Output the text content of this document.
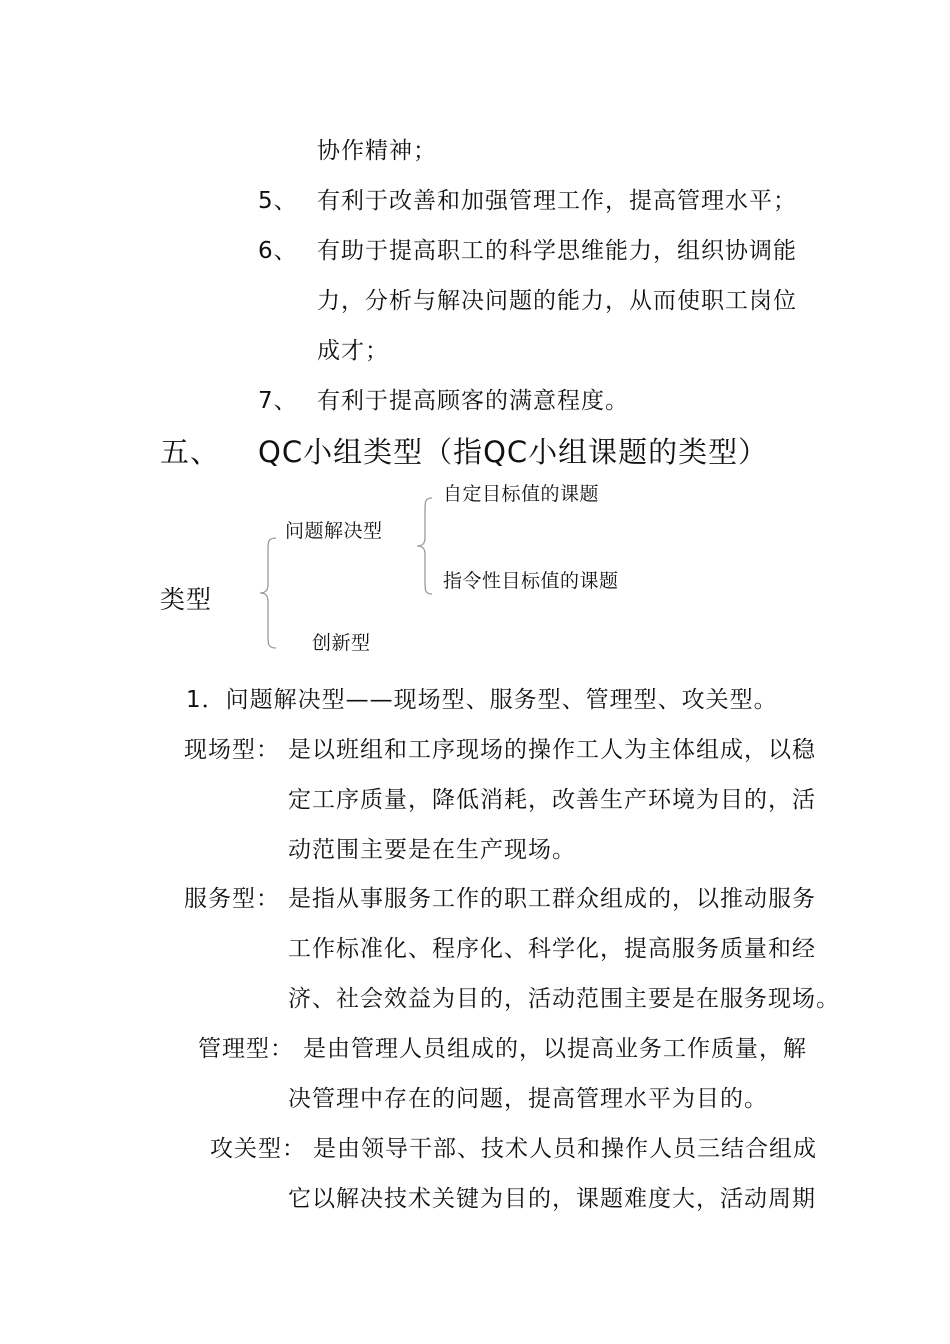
协作精神；
5、 有利于改善和加强管理工作，提高管理水平；
6、 有助于提高职工的科学思维能力，组织协调能
力，分析与解决问题的能力，从而使职工岗位
成才；
7、 有利于提高顾客的满意程度。
五、 QC小组类型（指QC小组课题的类型）
类型
问题解决型
创新型
自定目标值的课题
指令性目标值的课题
1．问题解决型——现场型、服务型、管理型、攻关型。
现场型： 是以班组和工序现场的操作工人为主体组成，以稳
定工序质量，降低消耗，改善生产环境为目的，活
动范围主要是在生产现场。
服务型： 是指从事服务工作的职工群众组成的，以推动服务
工作标准化、程序化、科学化，提高服务质量和经
济、社会效益为目的，活动范围主要是在服务现场。
管理型： 是由管理人员组成的，以提高业务工作质量，解
决管理中存在的问题，提高管理水平为目的。
攻关型： 是由领导干部、技术人员和操作人员三结合组成
它以解决技术关键为目的，课题难度大，活动周期
